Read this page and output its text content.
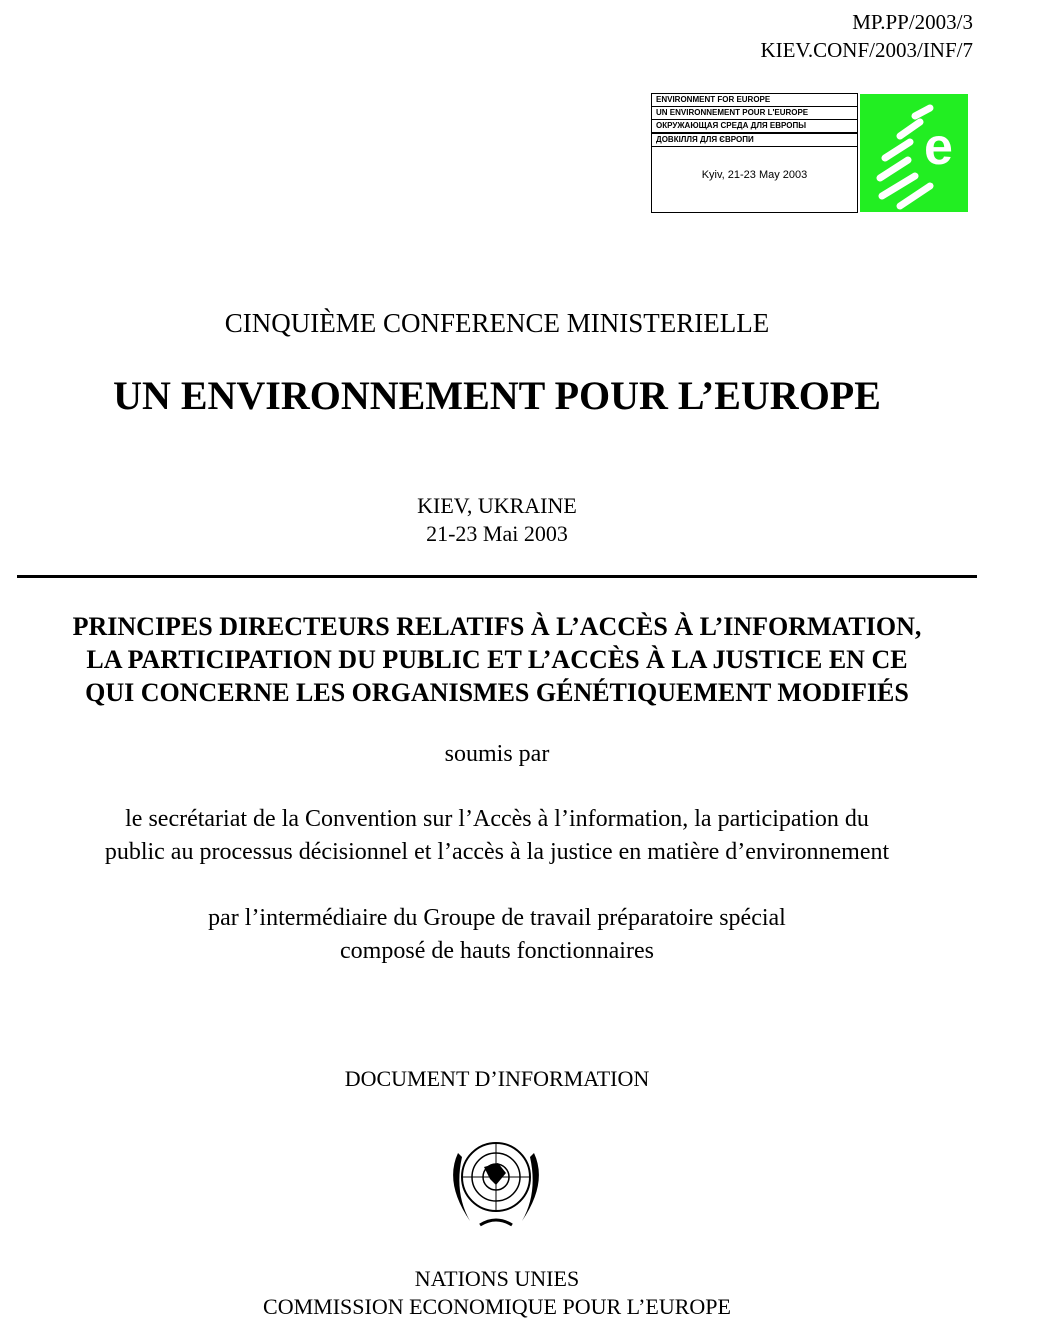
MP.PP/2003/3
KIEV.CONF/2003/INF/7
ENVIRONMENT FOR EUROPE
UN ENVIRONNEMENT POUR L'EUROPE
ОКРУЖАЮЩАЯ СРЕДА ДЛЯ ЕВРОПЫ
ДОВКІЛЛЯ ДЛЯ ЄВРОПИ
Kyiv, 21-23 May 2003	e
CINQUIÈME CONFERENCE MINISTERIELLE
UN ENVIRONNEMENT POUR L’EUROPE
KIEV, UKRAINE
21-23 Mai 2003
PRINCIPES DIRECTEURS RELATIFS À L’ACCÈS À L’INFORMATION,
LA PARTICIPATION DU PUBLIC ET L’ACCÈS À LA JUSTICE EN CE
QUI CONCERNE LES ORGANISMES GÉNÉTIQUEMENT MODIFIÉS
soumis par
le secrétariat de la Convention sur l’Accès à l’information, la participation du
public au processus décisionnel et l’accès à la justice en matière d’environnement
par l’intermédiaire du Groupe de travail préparatoire spécial
composé de hauts fonctionnaires
DOCUMENT D’INFORMATION
NATIONS UNIES
COMMISSION ECONOMIQUE POUR L’EUROPE
